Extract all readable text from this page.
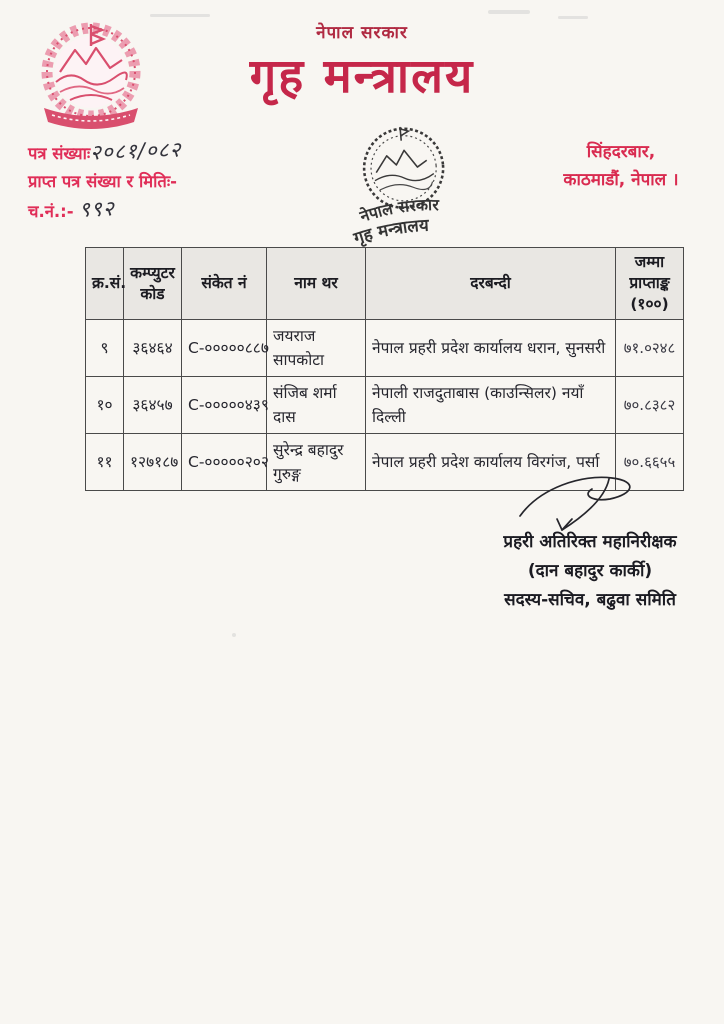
नेपाल सरकार
गृह मन्त्रालय
पत्र संख्याः२०८१/०८२
प्राप्त पत्र संख्या र मितिः-
च.नं.:- ९९२
सिंहदरबार,
काठमाडौं, नेपाल ।
नेपाल सरकार
गृह मन्त्रालय
क्र.सं.	कम्प्युटर कोड	संकेत नं	नाम थर	दरबन्दी	जम्मा प्राप्ताङ्क (१००)
९	३६४६४	C-०००००८८७	जयराज सापकोटा	नेपाल प्रहरी प्रदेश कार्यालय धरान, सुनसरी	७१.०२४८
१०	३६४५७	C-०००००४३९	संजिब शर्मा दास	नेपाली राजदुताबास (काउन्सिलर) नयाँ दिल्ली	७०.८३८२
११	१२७१८७	C-०००००२०२	सुरेन्द्र बहादुर गुरुङ्ग	नेपाल प्रहरी प्रदेश कार्यालय विरगंज, पर्सा	७०.६६५५
प्रहरी अतिरिक्त महानिरीक्षक
(दान बहादुर कार्की)
सदस्य-सचिव, बढुवा समिति
